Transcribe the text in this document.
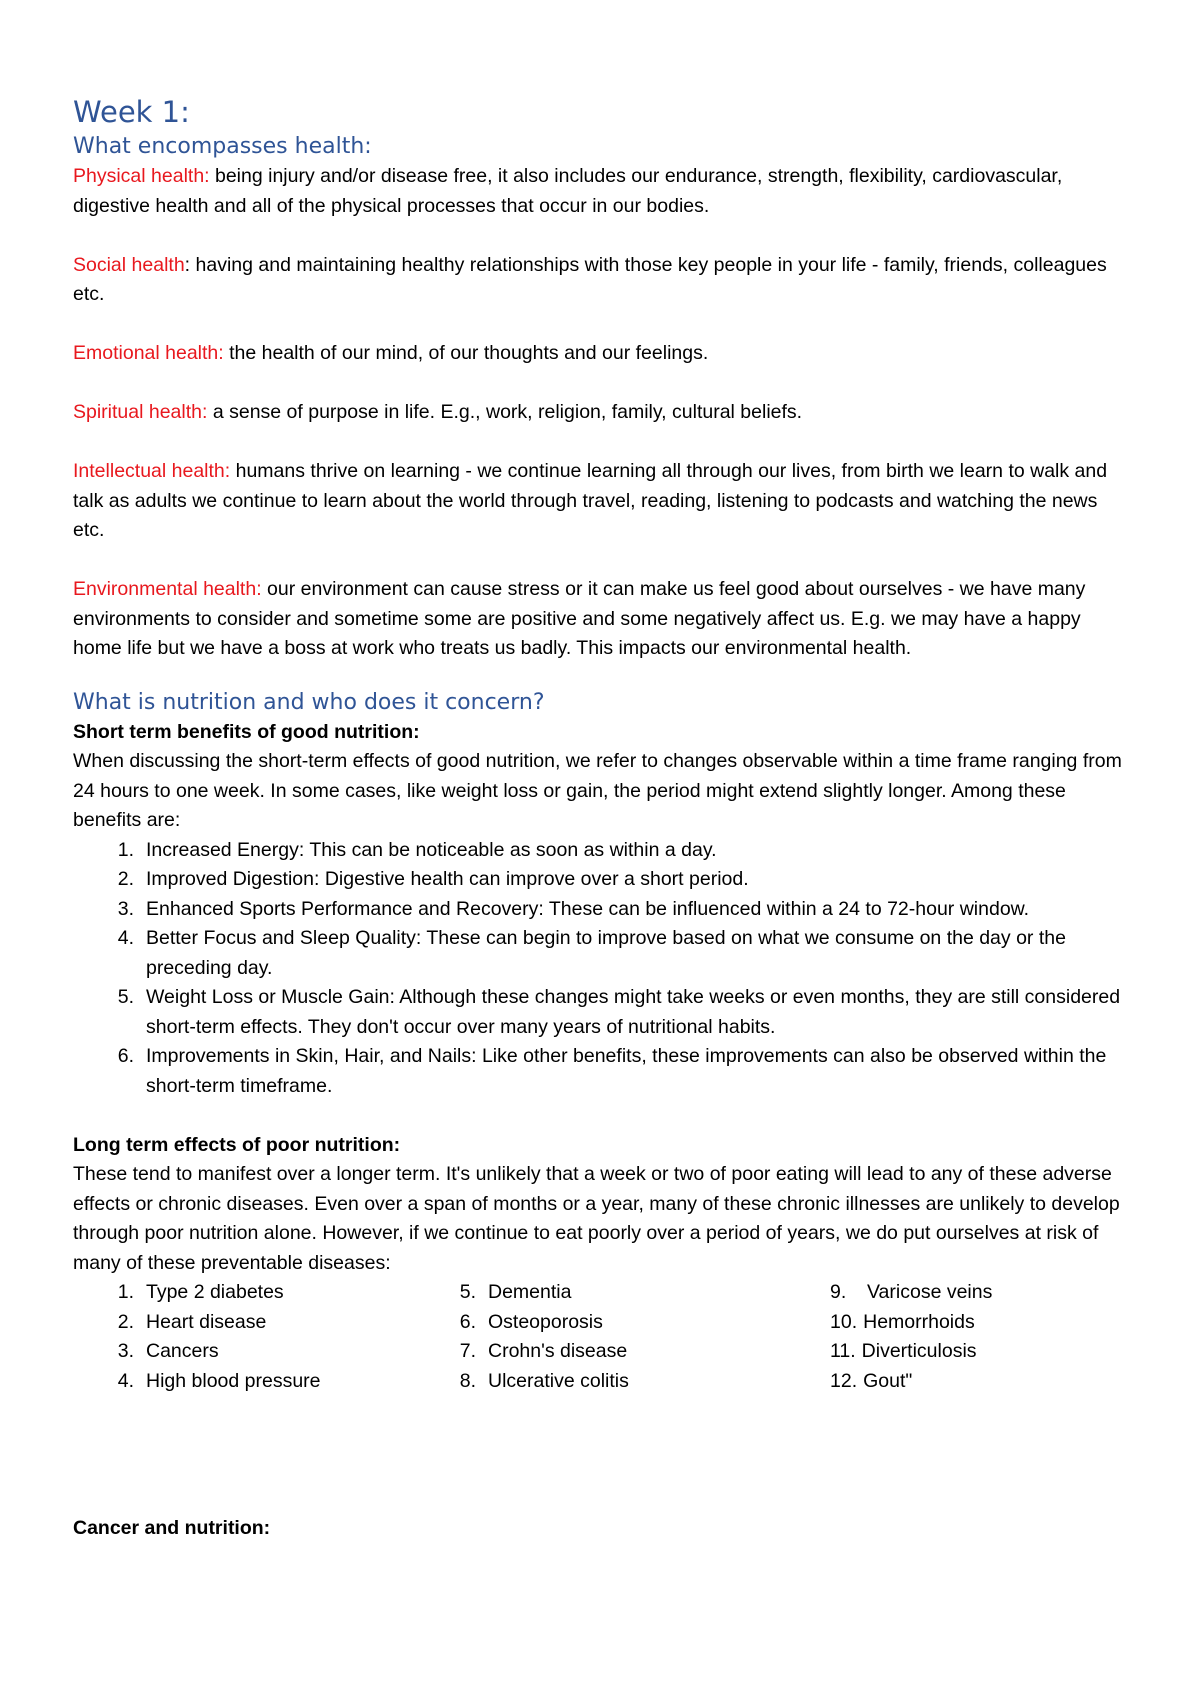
Week 1:
What encompasses health:

Physical health: being injury and/or disease free, it also includes our endurance, strength, flexibility, cardiovascular, digestive health and all of the physical processes that occur in our bodies.

Social health: having and maintaining healthy relationships with those key people in your life - family, friends, colleagues etc.

Emotional health: the health of our mind, of our thoughts and our feelings.

Spiritual health: a sense of purpose in life. E.g., work, religion, family, cultural beliefs.

Intellectual health: humans thrive on learning - we continue learning all through our lives, from birth we learn to walk and talk as adults we continue to learn about the world through travel, reading, listening to podcasts and watching the news etc.

Environmental health: our environment can cause stress or it can make us feel good about ourselves - we have many environments to consider and sometime some are positive and some negatively affect us. E.g. we may have a happy home life but we have a boss at work who treats us badly. This impacts our environmental health.

What is nutrition and who does it concern?

Short term benefits of good nutrition:

When discussing the short-term effects of good nutrition, we refer to changes observable within a time frame ranging from 24 hours to one week. In some cases, like weight loss or gain, the period might extend slightly longer. Among these benefits are:

1. Increased Energy: This can be noticeable as soon as within a day.
2. Improved Digestion: Digestive health can improve over a short period.
3. Enhanced Sports Performance and Recovery: These can be influenced within a 24 to 72-hour window.
4. Better Focus and Sleep Quality: These can begin to improve based on what we consume on the day or the preceding day.
5. Weight Loss or Muscle Gain: Although these changes might take weeks or even months, they are still considered short-term effects. They don't occur over many years of nutritional habits.
6. Improvements in Skin, Hair, and Nails: Like other benefits, these improvements can also be observed within the short-term timeframe.

Long term effects of poor nutrition:

These tend to manifest over a longer term. It's unlikely that a week or two of poor eating will lead to any of these adverse effects or chronic diseases. Even over a span of months or a year, many of these chronic illnesses are unlikely to develop through poor nutrition alone. However, if we continue to eat poorly over a period of years, we do put ourselves at risk of many of these preventable diseases:

1. Type 2 diabetes
2. Heart disease
3. Cancers
4. High blood pressure
5. Dementia
6. Osteoporosis
7. Crohn's disease
8. Ulcerative colitis
9.	Varicose veins
10. Hemorrhoids
11. Diverticulosis
12. Gout"

Cancer and nutrition:
